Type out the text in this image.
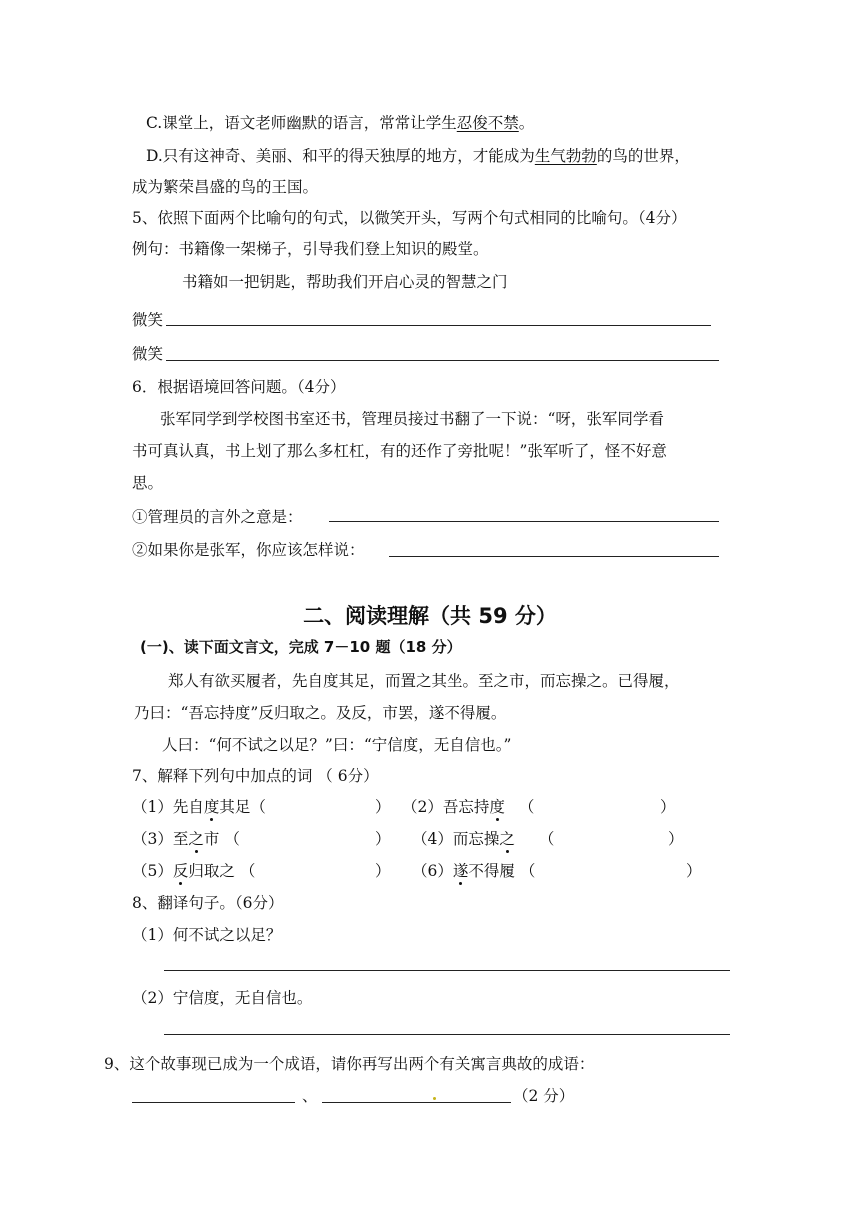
C.课堂上，语文老师幽默的语言，常常让学生忍俊不禁。
D.只有这神奇、美丽、和平的得天独厚的地方，才能成为生气勃勃的鸟的世界，
成为繁荣昌盛的鸟的王国。
5、依照下面两个比喻句的句式，以微笑开头，写两个句式相同的比喻句。（4分）
例句：书籍像一架梯子，引导我们登上知识的殿堂。
书籍如一把钥匙，帮助我们开启心灵的智慧之门
微笑
微笑
6．根据语境回答问题。（4分）
张军同学到学校图书室还书，管理员接过书翻了一下说：“呀，张军同学看
书可真认真，书上划了那么多杠杠，有的还作了旁批呢！”张军听了，怪不好意
思。
①管理员的言外之意是：
②如果你是张军，你应该怎样说：
二、阅读理解（共 59 分）
(一)、读下面文言文，完成 7－10 题（18 分）
郑人有欲买履者，先自度其足，而置之其坐。至之市，而忘操之。已得履，
乃曰：“吾忘持度”反归取之。及反，市罢，遂不得履。
人曰：“何不试之以足？”曰：“宁信度，无自信也。”
7、解释下列句中加点的词 （ 6分）
（1）先自度其足（	） （2）吾忘持度 （	）
（3）至之市 （	） （4）而忘操之 （	）
（5）反归取之 （	） （6）遂不得履 （	）
8、翻译句子。（6分）
（1）何不试之以足？
（2）宁信度，无自信也。
9、这个故事现已成为一个成语，请你再写出两个有关寓言典故的成语：
、	（2 分）
